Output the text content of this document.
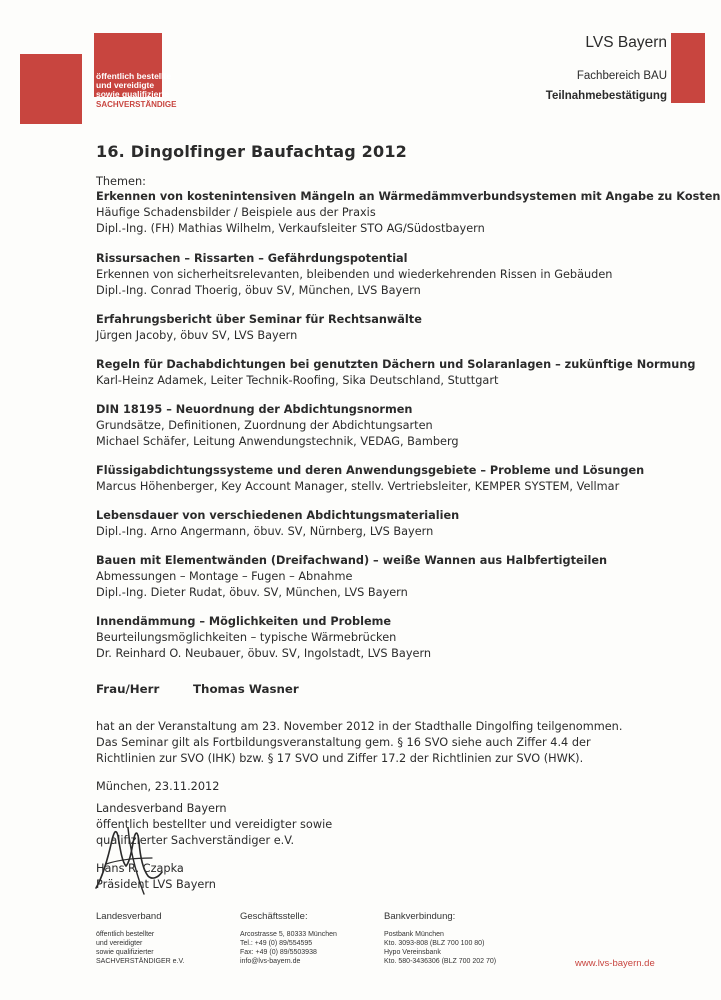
öffentlich bestellte
und vereidigte
sowie qualifizierte
SACHVERSTÄNDIGE
LVS Bayern
Fachbereich BAU
Teilnahmebestätigung
16. Dingolfinger Baufachtag 2012
Themen:
Erkennen von kostenintensiven Mängeln an Wärmedämmverbundsystemen mit Angabe zu Kosten
Häufige Schadensbilder / Beispiele aus der Praxis
Dipl.-Ing. (FH) Mathias Wilhelm, Verkaufsleiter STO AG/Südostbayern
Rissursachen – Rissarten – Gefährdungspotential
Erkennen von sicherheitsrelevanten, bleibenden und wiederkehrenden Rissen in Gebäuden
Dipl.-Ing. Conrad Thoerig, öbuv SV, München, LVS Bayern
Erfahrungsbericht über Seminar für Rechtsanwälte
Jürgen Jacoby, öbuv SV, LVS Bayern
Regeln für Dachabdichtungen bei genutzten Dächern und Solaranlagen – zukünftige Normung
Karl-Heinz Adamek, Leiter Technik-Roofing, Sika Deutschland, Stuttgart
DIN 18195 – Neuordnung der Abdichtungsnormen
Grundsätze, Definitionen, Zuordnung der Abdichtungsarten
Michael Schäfer, Leitung Anwendungstechnik, VEDAG, Bamberg
Flüssigabdichtungssysteme und deren Anwendungsgebiete – Probleme und Lösungen
Marcus Höhenberger, Key Account Manager, stellv. Vertriebsleiter, KEMPER SYSTEM, Vellmar
Lebensdauer von verschiedenen Abdichtungsmaterialien
Dipl.-Ing. Arno Angermann, öbuv. SV, Nürnberg, LVS Bayern
Bauen mit Elementwänden (Dreifachwand) – weiße Wannen aus Halbfertigteilen
Abmessungen – Montage – Fugen – Abnahme
Dipl.-Ing. Dieter Rudat, öbuv. SV, München, LVS Bayern
Innendämmung – Möglichkeiten und Probleme
Beurteilungsmöglichkeiten – typische Wärmebrücken
Dr. Reinhard O. Neubauer, öbuv. SV, Ingolstadt, LVS Bayern
Frau/Herr	Thomas Wasner
hat an der Veranstaltung am 23. November 2012 in der Stadthalle Dingolfing teilgenommen.
Das Seminar gilt als Fortbildungsveranstaltung gem. § 16 SVO siehe auch Ziffer 4.4 der
Richtlinien zur SVO (IHK) bzw. § 17 SVO und Ziffer 17.2 der Richtlinien zur SVO (HWK).
München, 23.11.2012
Landesverband Bayern
öffentlich bestellter und vereidigter sowie
qualifizierter Sachverständiger e.V.
Hans R. Czapka
Präsident LVS Bayern
Landesverband
öffentlich bestellter
und vereidigter
sowie qualifizierter
SACHVERSTÄNDIGER e.V.
Geschäftsstelle:
Arcostrasse 5, 80333 München
Tel.: +49 (0) 89/554595
Fax: +49 (0) 89/5503938
info@lvs-bayern.de
Bankverbindung:
Postbank München
Kto. 3093-808 (BLZ 700 100 80)
Hypo Vereinsbank
Kto. 580-3436306 (BLZ 700 202 70)	www.lvs-bayern.de
